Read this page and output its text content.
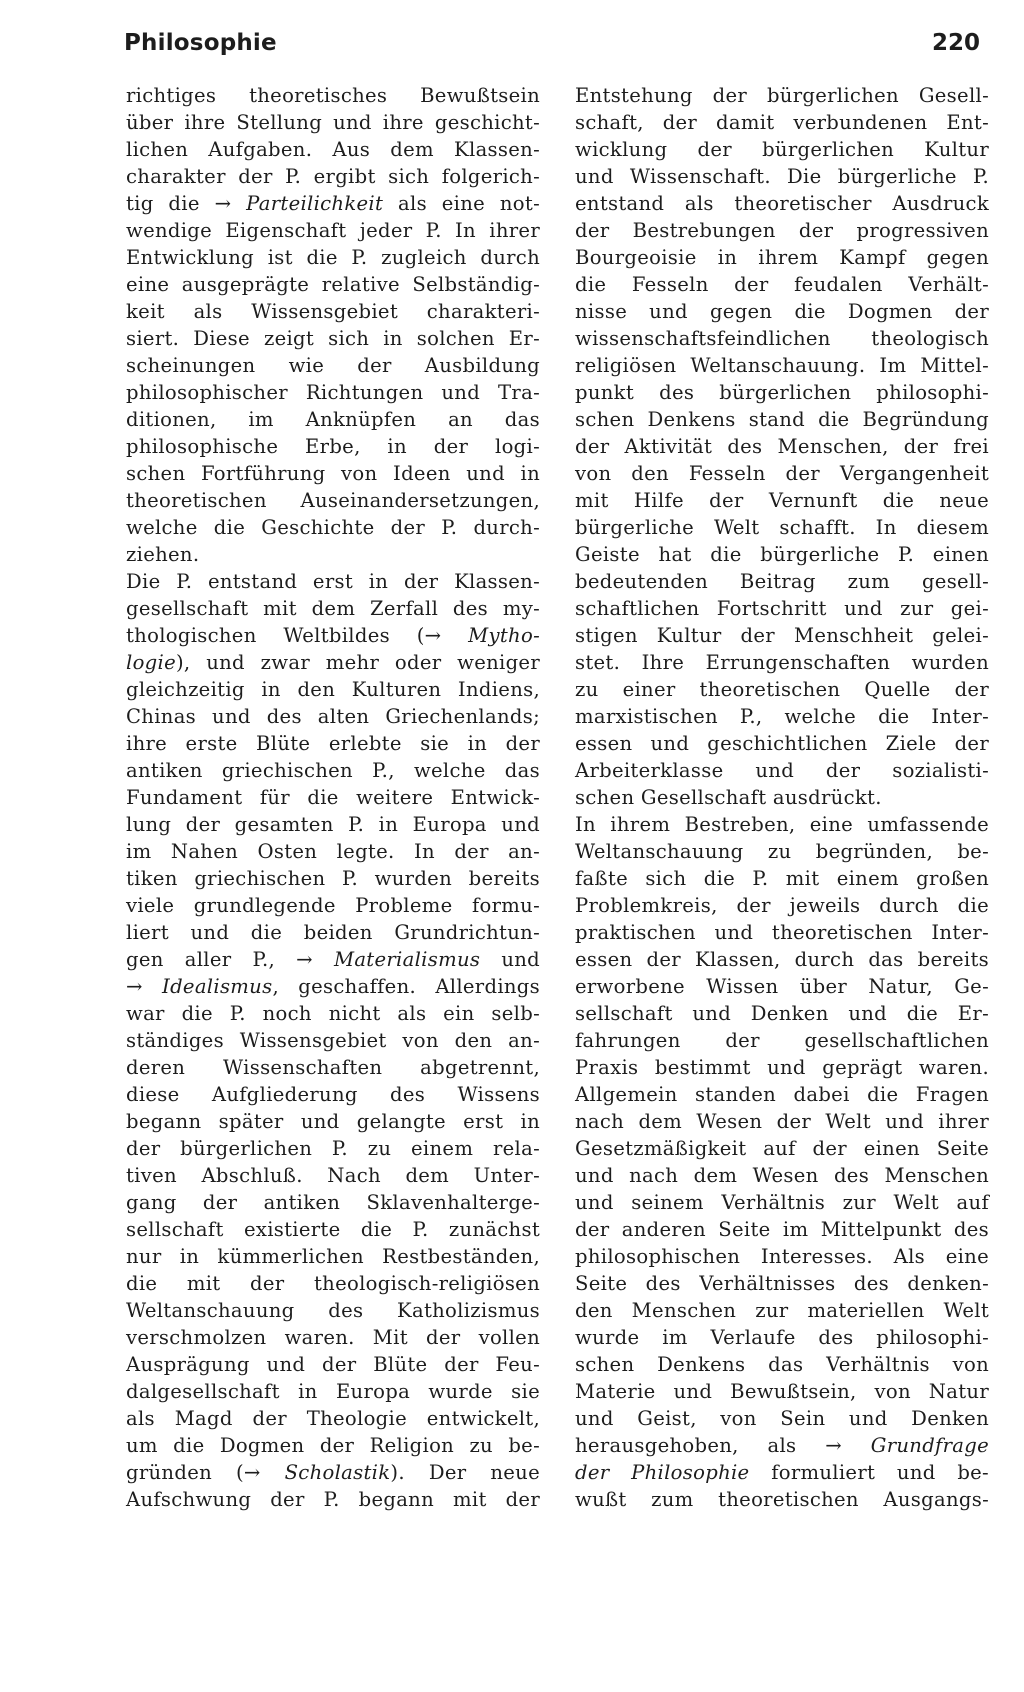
Philosophie	220
richtiges theoretisches Bewußtsein
über ihre Stellung und ihre geschicht-
lichen Aufgaben. Aus dem Klassen-
charakter der P. ergibt sich folgerich-
tig die → Parteilichkeit als eine not-
wendige Eigenschaft jeder P. In ihrer
Entwicklung ist die P. zugleich durch
eine ausgeprägte relative Selbständig-
keit als Wissensgebiet charakteri-
siert. Diese zeigt sich in solchen Er-
scheinungen wie der Ausbildung
philosophischer Richtungen und Tra-
ditionen, im Anknüpfen an das
philosophische Erbe, in der logi-
schen Fortführung von Ideen und in
theoretischen Auseinandersetzungen,
welche die Geschichte der P. durch-
ziehen.
Die P. entstand erst in der Klassen-
gesellschaft mit dem Zerfall des my-
thologischen Weltbildes (→ Mytho-
logie), und zwar mehr oder weniger
gleichzeitig in den Kulturen Indiens,
Chinas und des alten Griechenlands;
ihre erste Blüte erlebte sie in der
antiken griechischen P., welche das
Fundament für die weitere Entwick-
lung der gesamten P. in Europa und
im Nahen Osten legte. In der an-
tiken griechischen P. wurden bereits
viele grundlegende Probleme formu-
liert und die beiden Grundrichtun-
gen aller P., → Materialismus und
→ Idealismus, geschaffen. Allerdings
war die P. noch nicht als ein selb-
ständiges Wissensgebiet von den an-
deren Wissenschaften abgetrennt,
diese Aufgliederung des Wissens
begann später und gelangte erst in
der bürgerlichen P. zu einem rela-
tiven Abschluß. Nach dem Unter-
gang der antiken Sklavenhalterge-
sellschaft existierte die P. zunächst
nur in kümmerlichen Restbeständen,
die mit der theologisch-religiösen
Weltanschauung des Katholizismus
verschmolzen waren. Mit der vollen
Ausprägung und der Blüte der Feu-
dalgesellschaft in Europa wurde sie
als Magd der Theologie entwickelt,
um die Dogmen der Religion zu be-
gründen (→ Scholastik). Der neue
Aufschwung der P. begann mit der
Entstehung der bürgerlichen Gesell-
schaft, der damit verbundenen Ent-
wicklung der bürgerlichen Kultur
und Wissenschaft. Die bürgerliche P.
entstand als theoretischer Ausdruck
der Bestrebungen der progressiven
Bourgeoisie in ihrem Kampf gegen
die Fesseln der feudalen Verhält-
nisse und gegen die Dogmen der
wissenschaftsfeindlichen theologisch
religiösen Weltanschauung. Im Mittel-
punkt des bürgerlichen philosophi-
schen Denkens stand die Begründung
der Aktivität des Menschen, der frei
von den Fesseln der Vergangenheit
mit Hilfe der Vernunft die neue
bürgerliche Welt schafft. In diesem
Geiste hat die bürgerliche P. einen
bedeutenden Beitrag zum gesell-
schaftlichen Fortschritt und zur gei-
stigen Kultur der Menschheit gelei-
stet. Ihre Errungenschaften wurden
zu einer theoretischen Quelle der
marxistischen P., welche die Inter-
essen und geschichtlichen Ziele der
Arbeiterklasse und der sozialisti-
schen Gesellschaft ausdrückt.
In ihrem Bestreben, eine umfassende
Weltanschauung zu begründen, be-
faßte sich die P. mit einem großen
Problemkreis, der jeweils durch die
praktischen und theoretischen Inter-
essen der Klassen, durch das bereits
erworbene Wissen über Natur, Ge-
sellschaft und Denken und die Er-
fahrungen der gesellschaftlichen
Praxis bestimmt und geprägt waren.
Allgemein standen dabei die Fragen
nach dem Wesen der Welt und ihrer
Gesetzmäßigkeit auf der einen Seite
und nach dem Wesen des Menschen
und seinem Verhältnis zur Welt auf
der anderen Seite im Mittelpunkt des
philosophischen Interesses. Als eine
Seite des Verhältnisses des denken-
den Menschen zur materiellen Welt
wurde im Verlaufe des philosophi-
schen Denkens das Verhältnis von
Materie und Bewußtsein, von Natur
und Geist, von Sein und Denken
herausgehoben, als → Grundfrage
der Philosophie formuliert und be-
wußt zum theoretischen Ausgangs-
